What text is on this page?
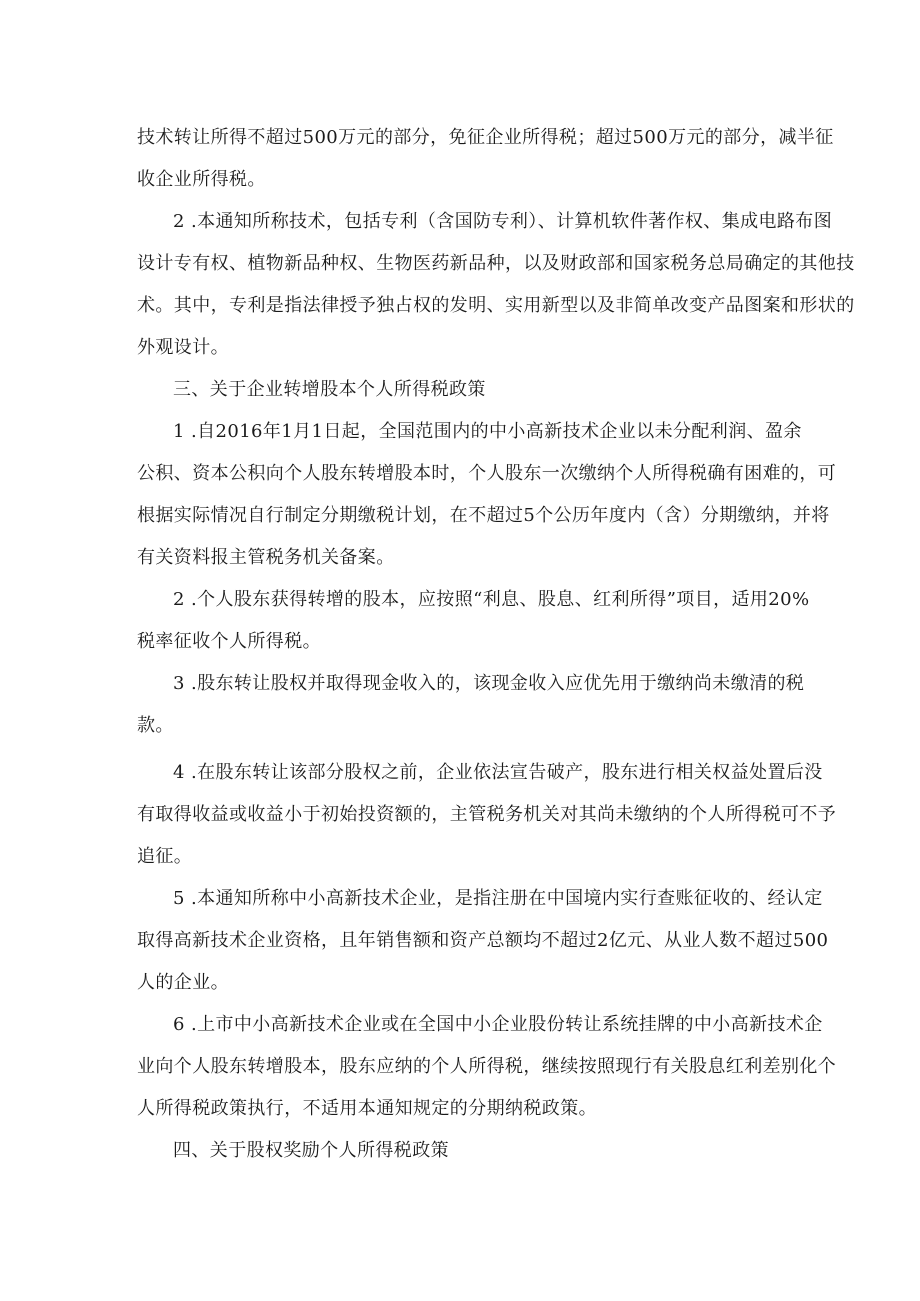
技术转让所得不超过500万元的部分，免征企业所得税；超过500万元的部分，减半征
收企业所得税。
2 .本通知所称技术，包括专利（含国防专利）、计算机软件著作权、集成电路布图
设计专有权、植物新品种权、生物医药新品种，以及财政部和国家税务总局确定的其他技
术。其中，专利是指法律授予独占权的发明、实用新型以及非简单改变产品图案和形状的
外观设计。
三、关于企业转增股本个人所得税政策
1 .自2016年1月1日起，全国范围内的中小高新技术企业以未分配利润、盈余
公积、资本公积向个人股东转增股本时，个人股东一次缴纳个人所得税确有困难的，可
根据实际情况自行制定分期缴税计划，在不超过5个公历年度内（含）分期缴纳，并将
有关资料报主管税务机关备案。
2 .个人股东获得转增的股本，应按照“利息、股息、红利所得”项目，适用20%
税率征收个人所得税。
3 .股东转让股权并取得现金收入的，该现金收入应优先用于缴纳尚未缴清的税
款。
4 .在股东转让该部分股权之前，企业依法宣告破产，股东进行相关权益处置后没
有取得收益或收益小于初始投资额的，主管税务机关对其尚未缴纳的个人所得税可不予
追征。
5 .本通知所称中小高新技术企业，是指注册在中国境内实行查账征收的、经认定
取得高新技术企业资格，且年销售额和资产总额均不超过2亿元、从业人数不超过500
人的企业。
6 .上市中小高新技术企业或在全国中小企业股份转让系统挂牌的中小高新技术企
业向个人股东转增股本，股东应纳的个人所得税，继续按照现行有关股息红利差别化个
人所得税政策执行，不适用本通知规定的分期纳税政策。
四、关于股权奖励个人所得税政策
